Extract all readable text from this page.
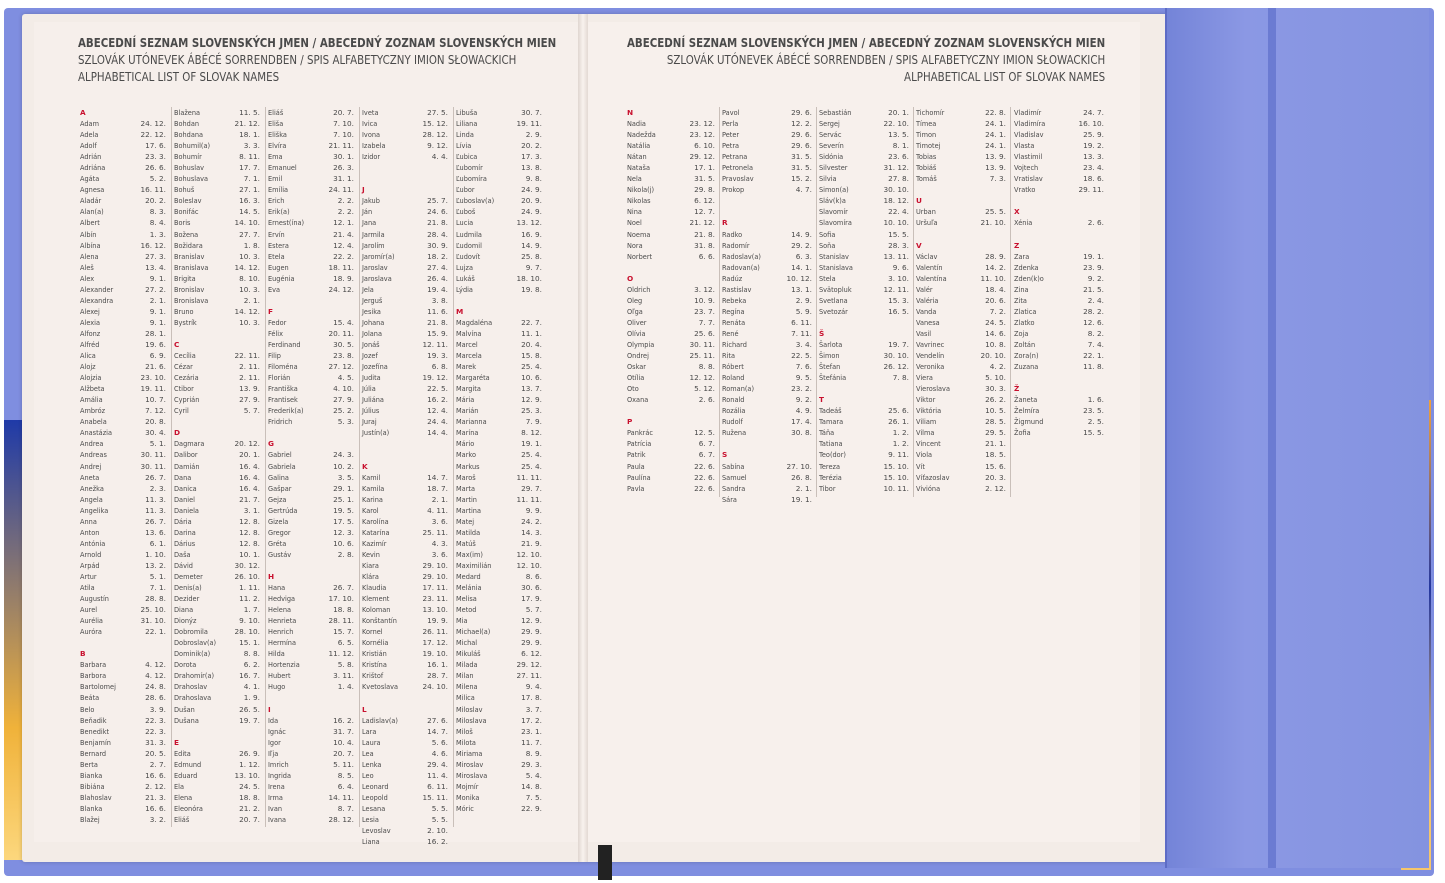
ABECEDNÍ SEZNAM SLOVENSKÝCH JMEN / ABECEDNÝ ZOZNAM SLOVENSKÝCH MIEN
SZLOVÁK UTÓNEVEK ÁBÉCÉ SORRENDBEN / SPIS ALFABETYCZNY IMION SŁOWACKICH
ALPHABETICAL LIST OF SLOVAK NAMES
ABECEDNÍ SEZNAM SLOVENSKÝCH JMEN / ABECEDNÝ ZOZNAM SLOVENSKÝCH MIEN
SZLOVÁK UTÓNEVEK ÁBÉCÉ SORRENDBEN / SPIS ALFABETYCZNY IMION SŁOWACKICH
ALPHABETICAL LIST OF SLOVAK NAMES
A
Adam	24. 12.
Adela	22. 12.
Adolf	17. 6.
Adrián	23. 3.
Adriána	26. 6.
Agáta	5. 2.
Agnesa	16. 11.
Aladár	20. 2.
Alan(a)	8. 3.
Albert	8. 4.
Albín	1. 3.
Albína	16. 12.
Alena	27. 3.
Aleš	13. 4.
Alex	9. 1.
Alexander	27. 2.
Alexandra	2. 1.
Alexej	9. 1.
Alexia	9. 1.
Alfonz	28. 1.
Alfréd	19. 6.
Alica	6. 9.
Alojz	21. 6.
Alojzia	23. 10.
Alžbeta	19. 11.
Amália	10. 7.
Ambróz	7. 12.
Anabela	20. 8.
Anastázia	30. 4.
Andrea	5. 1.
Andreas	30. 11.
Andrej	30. 11.
Aneta	26. 7.
Anežka	2. 3.
Angela	11. 3.
Angelika	11. 3.
Anna	26. 7.
Anton	13. 6.
Antónia	6. 1.
Arnold	1. 10.
Arpád	13. 2.
Artur	5. 1.
Atila	7. 1.
Augustín	28. 8.
Aurel	25. 10.
Aurélia	31. 10.
Auróra	22. 1.
B
Barbara	4. 12.
Barbora	4. 12.
Bartolomej	24. 8.
Beáta	28. 6.
Belo	3. 9.
Beňadik	22. 3.
Benedikt	22. 3.
Benjamín	31. 3.
Bernard	20. 5.
Berta	2. 7.
Bianka	16. 6.
Bibiána	2. 12.
Blahoslav	21. 3.
Blanka	16. 6.
Blažej	3. 2.
Blažena	11. 5.
Bohdan	21. 12.
Bohdana	18. 1.
Bohumil(a)	3. 3.
Bohumír	8. 11.
Bohuslav	17. 7.
Bohuslava	7. 1.
Bohuš	27. 1.
Boleslav	16. 3.
Bonifác	14. 5.
Boris	14. 10.
Božena	27. 7.
Božidara	1. 8.
Branislav	10. 3.
Branislava	14. 12.
Brigita	8. 10.
Bronislav	10. 3.
Bronislava	2. 1.
Bruno	14. 12.
Bystrík	10. 3.
C
Cecília	22. 11.
Cézar	2. 11.
Cezária	2. 11.
Ctibor	13. 9.
Cyprián	27. 9.
Cyril	5. 7.
D
Dagmara	20. 12.
Dalibor	20. 1.
Damián	16. 4.
Dana	16. 4.
Danica	16. 4.
Daniel	21. 7.
Daniela	3. 1.
Dária	12. 8.
Darina	12. 8.
Dárius	12. 8.
Daša	10. 1.
Dávid	30. 12.
Demeter	26. 10.
Denis(a)	1. 11.
Dezider	11. 2.
Diana	1. 7.
Dionýz	9. 10.
Dobromila	28. 10.
Dobroslav(a)	15. 1.
Dominik(a)	8. 8.
Dorota	6. 2.
Drahomír(a)	16. 7.
Drahoslav	4. 1.
Drahoslava	1. 9.
Dušan	26. 5.
Dušana	19. 7.
E
Edita	26. 9.
Edmund	1. 12.
Eduard	13. 10.
Ela	24. 5.
Elena	18. 8.
Eleonóra	21. 2.
Eliáš	20. 7.
Eliáš	20. 7.
Eliša	7. 10.
Eliška	7. 10.
Elvíra	21. 11.
Ema	30. 1.
Emanuel	26. 3.
Emil	31. 1.
Emília	24. 11.
Erich	2. 2.
Erik(a)	2. 2.
Ernest(ína)	12. 1.
Ervín	21. 4.
Estera	12. 4.
Etela	22. 2.
Eugen	18. 11.
Eugénia	18. 9.
Eva	24. 12.
F
Fedor	15. 4.
Félix	20. 11.
Ferdinand	30. 5.
Filip	23. 8.
Filoména	27. 12.
Florián	4. 5.
Františka	4. 10.
Frantisek	27. 9.
Frederik(a)	25. 2.
Fridrich	5. 3.
G
Gabriel	24. 3.
Gabriela	10. 2.
Galina	3. 5.
Gašpar	29. 1.
Gejza	25. 1.
Gertrúda	19. 5.
Gizela	17. 5.
Gregor	12. 3.
Gréta	10. 6.
Gustáv	2. 8.
H
Hana	26. 7.
Hedviga	17. 10.
Helena	18. 8.
Henrieta	28. 11.
Henrich	15. 7.
Hermína	6. 5.
Hilda	11. 12.
Hortenzia	5. 8.
Hubert	3. 11.
Hugo	1. 4.
I
Ida	16. 2.
Ignác	31. 7.
Igor	10. 4.
Iľja	20. 7.
Imrich	5. 11.
Ingrida	8. 5.
Irena	6. 4.
Irma	14. 11.
Ivan	8. 7.
Ivana	28. 12.
Iveta	27. 5.
Ivica	15. 12.
Ivona	28. 12.
Izabela	9. 12.
Izidor	4. 4.
J
Jakub	25. 7.
Ján	24. 6.
Jana	21. 8.
Jarmila	28. 4.
Jarolím	30. 9.
Jaromír(a)	18. 2.
Jaroslav	27. 4.
Jaroslava	26. 4.
Jela	19. 4.
Jerguš	3. 8.
Jesika	11. 6.
Johana	21. 8.
Jolana	15. 9.
Jonáš	12. 11.
Jozef	19. 3.
Jozefína	6. 8.
Judita	19. 12.
Júlia	22. 5.
Juliána	16. 2.
Július	12. 4.
Juraj	24. 4.
Justín(a)	14. 4.
K
Kamil	14. 7.
Kamila	18. 7.
Karina	2. 1.
Karol	4. 11.
Karolína	3. 6.
Katarína	25. 11.
Kazimír	4. 3.
Kevin	3. 6.
Kiara	29. 10.
Klára	29. 10.
Klaudia	17. 11.
Klement	23. 11.
Koloman	13. 10.
Konštantín	19. 9.
Kornel	26. 11.
Kornélia	17. 12.
Kristián	19. 10.
Kristína	16. 1.
Krištof	28. 7.
Kvetoslava	24. 10.
L
Ladislav(a)	27. 6.
Lara	14. 7.
Laura	5. 6.
Lea	4. 6.
Lenka	29. 4.
Leo	11. 4.
Leonard	6. 11.
Leopold	15. 11.
Lesana	5. 5.
Lesia	5. 5.
Levoslav	2. 10.
Liana	16. 2.
Libuša	30. 7.
Liliana	19. 11.
Linda	2. 9.
Lívia	20. 2.
Ľubica	17. 3.
Ľubomír	13. 8.
Ľubomíra	9. 8.
Ľubor	24. 9.
Ľuboslav(a)	20. 9.
Ľuboš	24. 9.
Lucia	13. 12.
Ludmila	16. 9.
Ľudomil	14. 9.
Ľudovít	25. 8.
Lujza	9. 7.
Lukáš	18. 10.
Lýdia	19. 8.
M
Magdaléna	22. 7.
Malvína	11. 1.
Marcel	20. 4.
Marcela	15. 8.
Marek	25. 4.
Margaréta	10. 6.
Margita	13. 7.
Mária	12. 9.
Marián	25. 3.
Marianna	7. 9.
Marína	8. 12.
Mário	19. 1.
Marko	25. 4.
Markus	25. 4.
Maroš	11. 11.
Marta	29. 7.
Martin	11. 11.
Martina	9. 9.
Matej	24. 2.
Matilda	14. 3.
Matúš	21. 9.
Max(im)	12. 10.
Maximilián	12. 10.
Medard	8. 6.
Melánia	30. 6.
Melisa	17. 9.
Metod	5. 7.
Mia	12. 9.
Michael(a)	29. 9.
Michal	29. 9.
Mikuláš	6. 12.
Milada	29. 12.
Milan	27. 11.
Milena	9. 4.
Milica	17. 8.
Miloslav	3. 7.
Miloslava	17. 2.
Miloš	23. 1.
Milota	11. 7.
Miriama	8. 9.
Miroslav	29. 3.
Miroslava	5. 4.
Mojmír	14. 8.
Monika	7. 5.
Móric	22. 9.
N
Nadia	23. 12.
Nadežda	23. 12.
Natália	6. 10.
Nátan	29. 12.
Nataša	17. 1.
Nela	31. 5.
Nikola(j)	29. 8.
Nikolas	6. 12.
Nina	12. 7.
Noel	21. 12.
Noema	21. 8.
Nora	31. 8.
Norbert	6. 6.
O
Oldrich	3. 12.
Oleg	10. 9.
Oľga	23. 7.
Oliver	7. 7.
Olívia	25. 6.
Olympia	30. 11.
Ondrej	25. 11.
Oskar	8. 8.
Otília	12. 12.
Oto	5. 12.
Oxana	2. 6.
P
Pankrác	12. 5.
Patrícia	6. 7.
Patrik	6. 7.
Paula	22. 6.
Paulína	22. 6.
Pavla	22. 6.
Pavol	29. 6.
Perla	12. 2.
Peter	29. 6.
Petra	29. 6.
Petrana	31. 5.
Petronela	31. 5.
Pravoslav	15. 2.
Prokop	4. 7.
R
Radko	14. 9.
Radomír	29. 2.
Radoslav(a)	6. 3.
Radovan(a)	14. 1.
Radúz	10. 12.
Rastislav	13. 1.
Rebeka	2. 9.
Regína	5. 9.
Renáta	6. 11.
René	7. 11.
Richard	3. 4.
Rita	22. 5.
Róbert	7. 6.
Roland	9. 5.
Roman(a)	23. 2.
Ronald	9. 2.
Rozália	4. 9.
Rudolf	17. 4.
Ružena	30. 8.
S
Sabína	27. 10.
Samuel	26. 8.
Sandra	2. 1.
Sára	19. 1.
Sebastián	20. 1.
Sergej	22. 10.
Servác	13. 5.
Severín	8. 1.
Sidónia	23. 6.
Silvester	31. 12.
Silvia	27. 8.
Simon(a)	30. 10.
Sláv(k)a	18. 12.
Slavomír	22. 4.
Slavomíra	10. 10.
Sofia	15. 5.
Soňa	28. 3.
Stanislav	13. 11.
Stanislava	9. 6.
Stela	3. 10.
Svätopluk	12. 11.
Svetlana	15. 3.
Svetozár	16. 5.
Š
Šarlota	19. 7.
Šimon	30. 10.
Štefan	26. 12.
Štefánia	7. 8.
T
Tadeáš	25. 6.
Tamara	26. 1.
Táňa	1. 2.
Tatiana	1. 2.
Teo(dor)	9. 11.
Tereza	15. 10.
Terézia	15. 10.
Tibor	10. 11.
Tichomír	22. 8.
Tímea	24. 1.
Timon	24. 1.
Timotej	24. 1.
Tobias	13. 9.
Tobiáš	13. 9.
Tomáš	7. 3.
U
Urban	25. 5.
Uršuľa	21. 10.
V
Václav	28. 9.
Valentín	14. 2.
Valentína	11. 10.
Valér	18. 4.
Valéria	20. 6.
Vanda	7. 2.
Vanesa	24. 5.
Vasil	14. 6.
Vavrinec	10. 8.
Vendelín	20. 10.
Veronika	4. 2.
Viera	5. 10.
Vieroslava	30. 3.
Viktor	26. 2.
Viktória	10. 5.
Viliam	28. 5.
Vilma	29. 5.
Vincent	21. 1.
Viola	18. 5.
Vít	15. 6.
Víťazoslav	20. 3.
Vivióna	2. 12.
Vladimír	24. 7.
Vladimíra	16. 10.
Vladislav	25. 9.
Vlasta	19. 2.
Vlastimil	13. 3.
Vojtech	23. 4.
Vratislav	18. 6.
Vratko	29. 11.
X
Xénia	2. 6.
Z
Zara	19. 1.
Zdenka	23. 9.
Zden(k)o	9. 2.
Zina	21. 5.
Zita	2. 4.
Zlatica	28. 2.
Zlatko	12. 6.
Zoja	8. 2.
Zoltán	7. 4.
Zora(n)	22. 1.
Zuzana	11. 8.
Ž
Žaneta	1. 6.
Želmíra	23. 5.
Žigmund	2. 5.
Žofia	15. 5.
